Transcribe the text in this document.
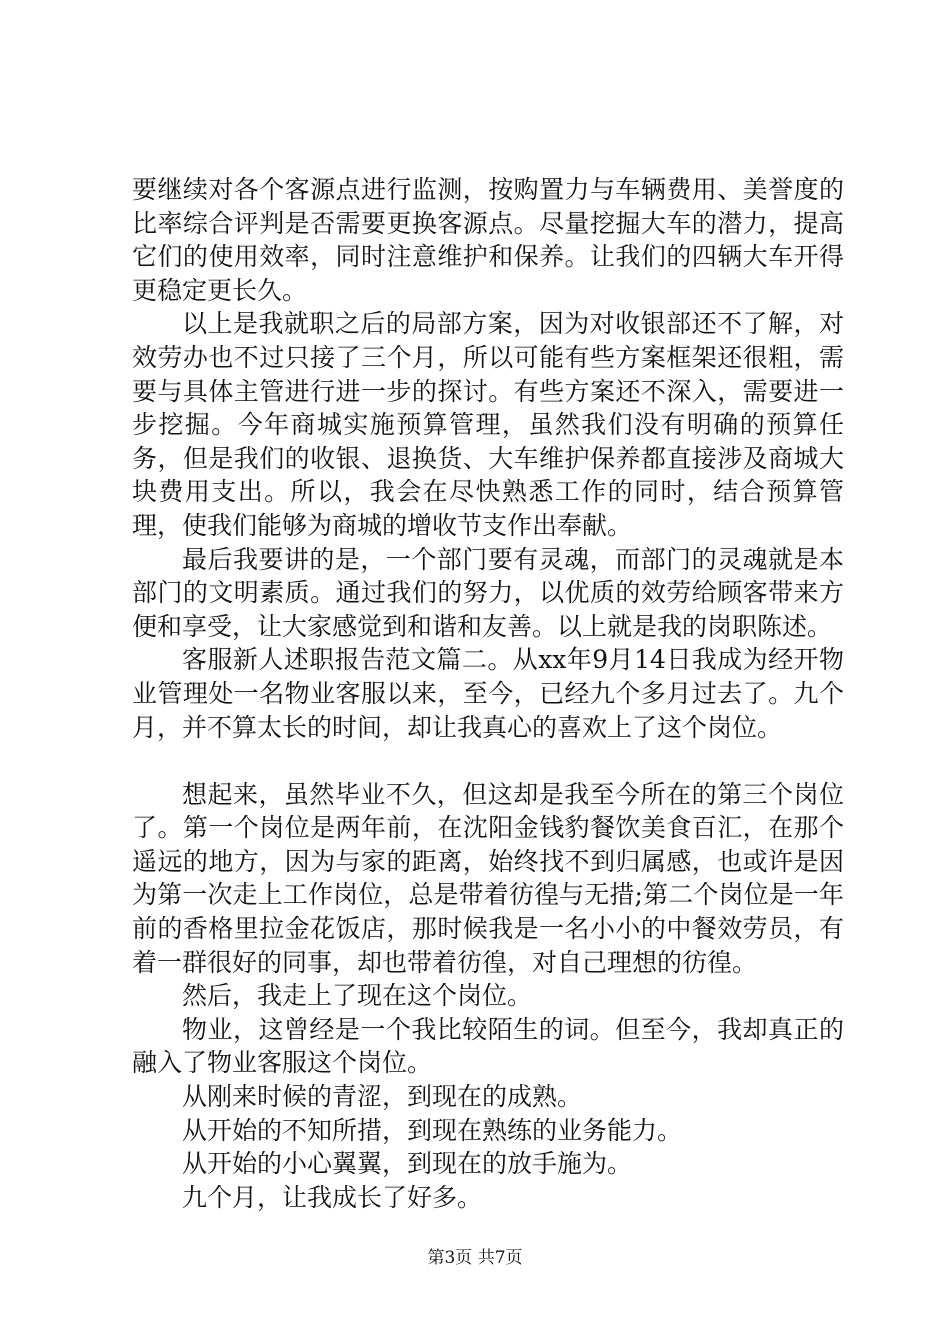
要继续对各个客源点进行监测，按购置力与车辆费用、美誉度的比率综合评判是否需要更换客源点。尽量挖掘大车的潜力，提高它们的使用效率，同时注意维护和保养。让我们的四辆大车开得更稳定更长久。

以上是我就职之后的局部方案，因为对收银部还不了解，对效劳办也不过只接了三个月，所以可能有些方案框架还很粗，需要与具体主管进行进一步的探讨。有些方案还不深入，需要进一步挖掘。今年商城实施预算管理，虽然我们没有明确的预算任务，但是我们的收银、退换货、大车维护保养都直接涉及商城大块费用支出。所以，我会在尽快熟悉工作的同时，结合预算管理，使我们能够为商城的增收节支作出奉献。

最后我要讲的是，一个部门要有灵魂，而部门的灵魂就是本部门的文明素质。通过我们的努力，以优质的效劳给顾客带来方便和享受，让大家感觉到和谐和友善。以上就是我的岗职陈述。

客服新人述职报告范文篇二。从xx年9月14日我成为经开物业管理处一名物业客服以来，至今，已经九个多月过去了。九个月，并不算太长的时间，却让我真心的喜欢上了这个岗位。

想起来，虽然毕业不久，但这却是我至今所在的第三个岗位了。第一个岗位是两年前，在沈阳金钱豹餐饮美食百汇，在那个遥远的地方，因为与家的距离，始终找不到归属感，也或许是因为第一次走上工作岗位，总是带着彷徨与无措;第二个岗位是一年前的香格里拉金花饭店，那时候我是一名小小的中餐效劳员，有着一群很好的同事，却也带着彷徨，对自己理想的彷徨。

然后，我走上了现在这个岗位。

物业，这曾经是一个我比较陌生的词。但至今，我却真正的融入了物业客服这个岗位。

从刚来时候的青涩，到现在的成熟。

从开始的不知所措，到现在熟练的业务能力。

从开始的小心翼翼，到现在的放手施为。

九个月，让我成长了好多。

第3页 共7页
